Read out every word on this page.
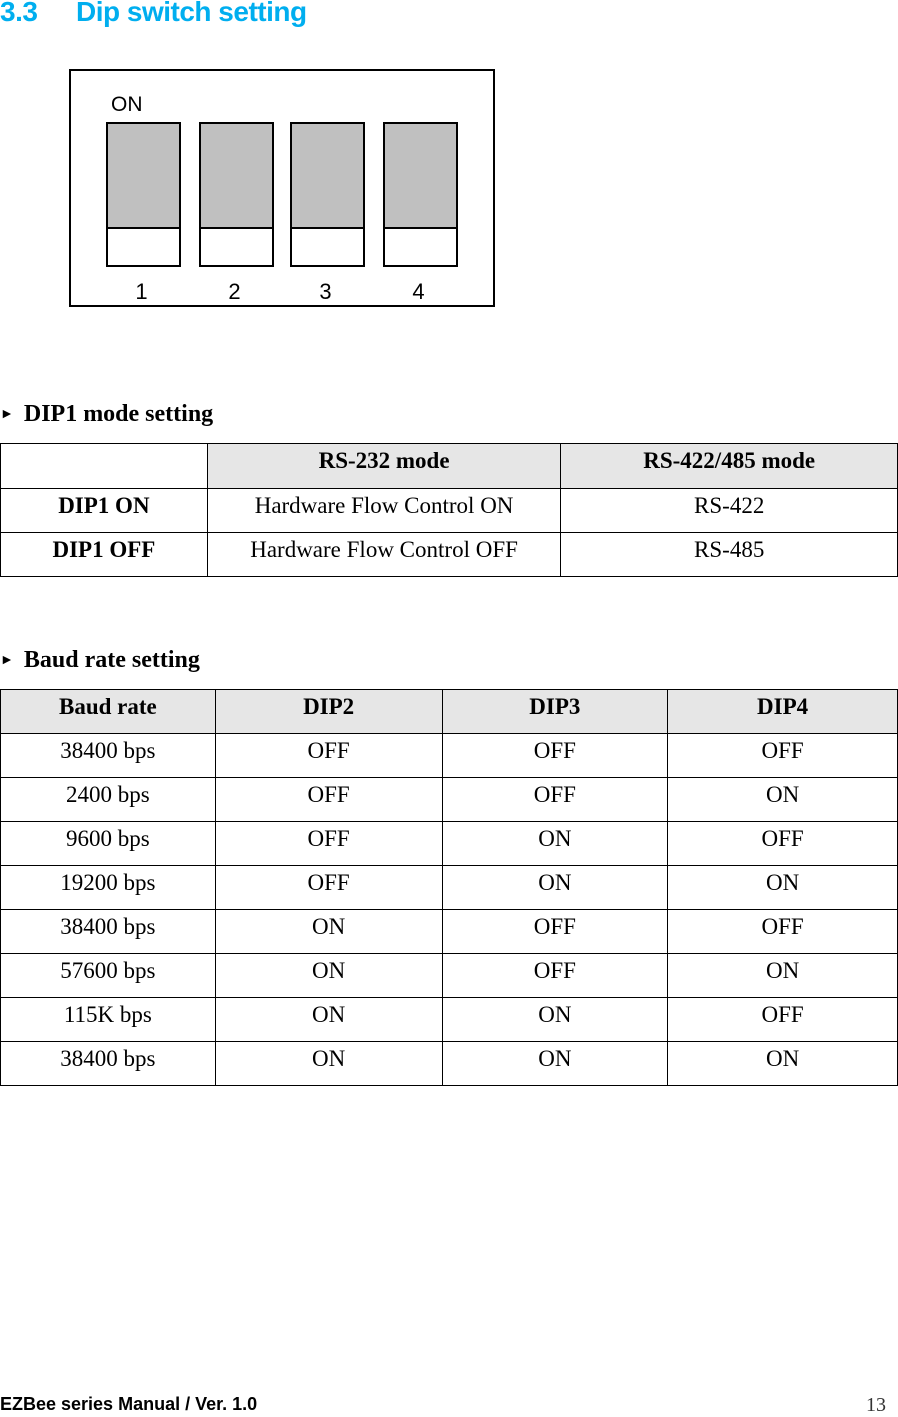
3.3 Dip switch setting
ON
1	2	3	4
► DIP1 mode setting
	RS-232 mode	RS-422/485 mode
DIP1 ON	Hardware Flow Control ON	RS-422
DIP1 OFF	Hardware Flow Control OFF	RS-485
► Baud rate setting
Baud rate	DIP2	DIP3	DIP4
38400 bps	OFF	OFF	OFF
2400 bps	OFF	OFF	ON
9600 bps	OFF	ON	OFF
19200 bps	OFF	ON	ON
38400 bps	ON	OFF	OFF
57600 bps	ON	OFF	ON
115K bps	ON	ON	OFF
38400 bps	ON	ON	ON
EZBee series Manual / Ver. 1.0	13
